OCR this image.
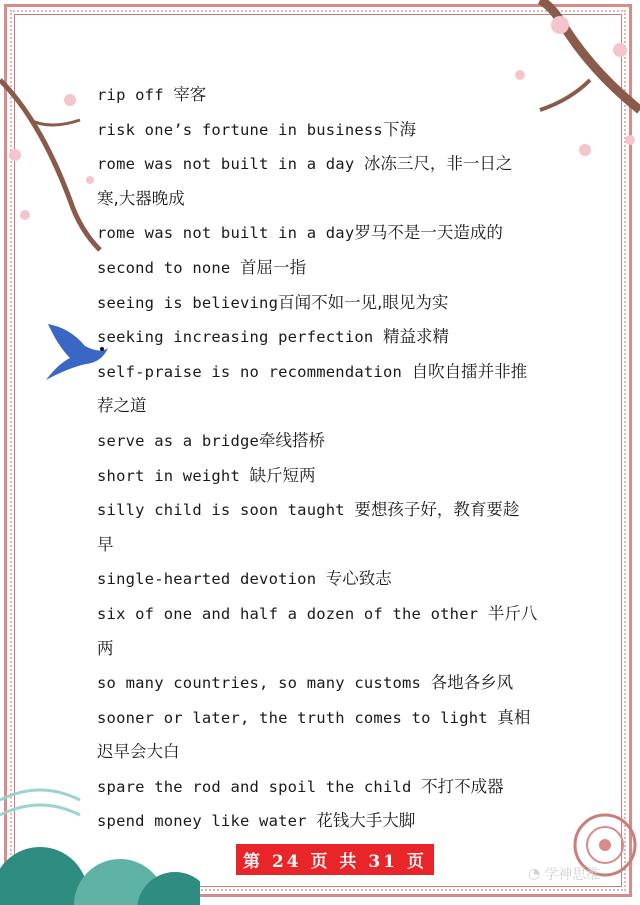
rip off 宰客
risk one’s fortune in business下海
rome was not built in a day 冰冻三尺，非一日之
寒,大器晚成
rome was not built in a day罗马不是一天造成的
second to none 首屈一指
seeing is believing百闻不如一见,眼见为实
seeking increasing perfection 精益求精
self-praise is no recommendation 自吹自擂并非推
荐之道
serve as a bridge牵线搭桥
short in weight 缺斤短两
silly child is soon taught 要想孩子好，教育要趁
早
single-hearted devotion 专心致志
six of one and half a dozen of the other 半斤八
两
so many countries, so many customs 各地各乡风
sooner or later, the truth comes to light 真相
迟早会大白
spare the rod and spoil the child 不打不成器
spend money like water 花钱大手大脚
第 24 页 共 31 页
◔ 学神思维
